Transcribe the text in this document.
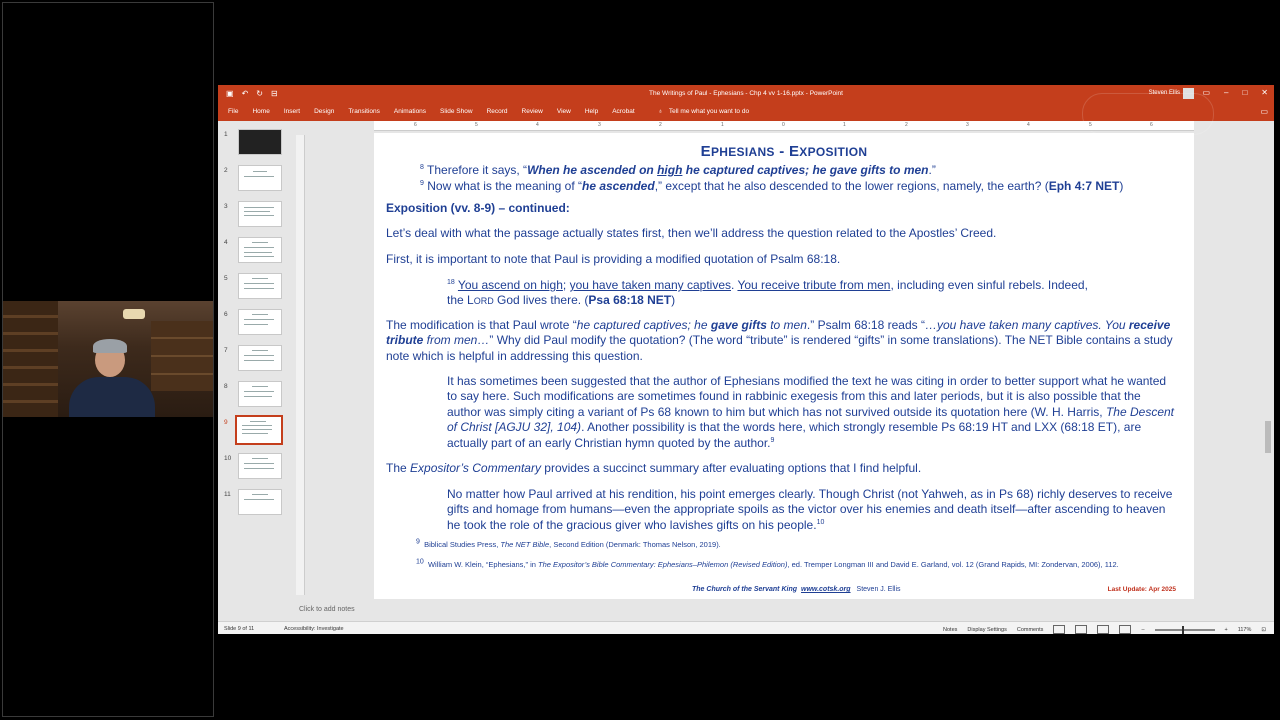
▣ ↶ ↻ ⊟	The Writings of Paul - Ephesians - Chp 4 vv 1-16.pptx - PowerPoint	Steven Ellis	▭ – □ ✕
File Home Insert Design Transitions Animations Slide Show Record Review View Help Acrobat	♁ Tell me what you want to do	▭
1
2
3
4
5
6
7
8
9
10
11
6	5	4	3	2	1	0	1	2	3	4	5	6
EPHESIANS - EXPOSITION

$^8$ Therefore it says, “When he ascended on high he captured captives; he gave gifts to men.”

$^9$ Now what is the meaning of “he ascended,” except that he also descended to the lower regions, namely, the earth? (Eph 4:7 NET)

Exposition (vv. 8-9) – continued:

Let’s deal with what the passage actually states first, then we’ll address the question related to the Apostles’ Creed.

First, it is important to note that Paul is providing a modified quotation of Psalm 68:18.

$^{18}$ You ascend on high; you have taken many captives. You receive tribute from men, including even sinful rebels. Indeed,
the LORD God lives there. (Psa 68:18 NET)

The modification is that Paul wrote “he captured captives; he gave gifts to men.” Psalm 68:18 reads “…you have taken many captives. You receive tribute from men…” Why did Paul modify the quotation? (The word “tribute” is rendered “gifts” in some translations). The NET Bible contains a study note which is helpful in addressing this question.

It has sometimes been suggested that the author of Ephesians modified the text he was citing in order to better support what he wanted to say here. Such modifications are sometimes found in rabbinic exegesis from this and later periods, but it is also possible that the author was simply citing a variant of Ps 68 known to him but which has not survived outside its quotation here (W. H. Harris, The Descent of Christ [AGJU 32], 104). Another possibility is that the words here, which strongly resemble Ps 68:19 HT and LXX (68:18 ET), are actually part of an early Christian hymn quoted by the author.$^9$

The Expositor’s Commentary provides a succinct summary after evaluating options that I find helpful.

No matter how Paul arrived at his rendition, his point emerges clearly. Though Christ (not Yahweh, as in Ps 68) richly deserves to receive gifts and homage from humans—even the appropriate spoils as the victor over his enemies and death itself—after ascending to heaven he took the role of the gracious giver who lavishes gifts on his people.$^{10}$

$^9$ Biblical Studies Press, The NET Bible, Second Edition (Denmark: Thomas Nelson, 2019).

$^{10}$ William W. Klein, “Ephesians,” in The Expositor’s Bible Commentary: Ephesians–Philemon (Revised Edition), ed. Tremper Longman III and David E. Garland, vol. 12 (Grand Rapids, MI: Zondervan, 2006), 112.

The Church of the Servant King www.cotsk.org Steven J. Ellis	Last Update: Apr 2025
Click to add notes
Slide 9 of 11	Accessibility: Investigate	Notes Display Settings Comments	–	+ 117% ⊡
